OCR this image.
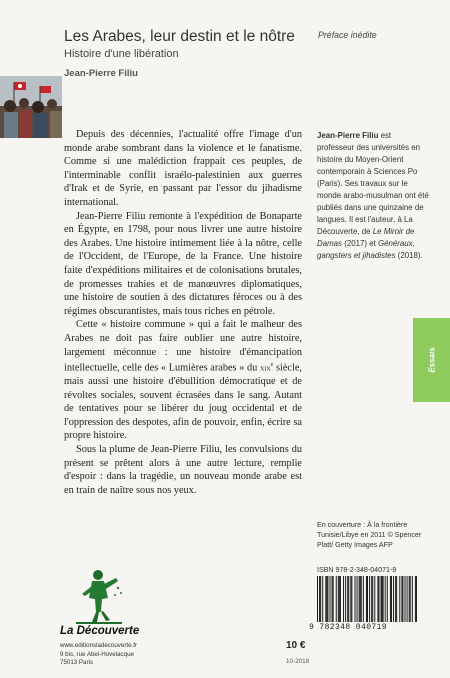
Les Arabes, leur destin et le nôtre
Histoire d'une libération
Préface inédite
Jean-Pierre Filiu

Depuis des décennies, l'actualité offre l'image d'un monde arabe sombrant dans la violence et le fanatisme. Comme si une malédiction frappait ces peuples, de l'interminable conflit israélo-palestinien aux guerres d'Irak et de Syrie, en passant par l'essor du jihadisme international.

Jean-Pierre Filiu remonte à l'expédition de Bonaparte en Égypte, en 1798, pour nous livrer une autre histoire des Arabes. Une histoire intimement liée à la nôtre, celle de l'Occident, de l'Europe, de la France. Une histoire faite d'expéditions militaires et de colonisations brutales, de promesses trahies et de manœuvres diplomatiques, une histoire de soutien à des dictatures féroces ou à des régimes obscurantistes, mais tous riches en pétrole.

Cette « histoire commune » qui a fait le malheur des Arabes ne doit pas faire oublier une autre histoire, largement méconnue : une histoire d'émancipation intellectuelle, celle des « Lumières arabes » du xix$^e$ siècle, mais aussi une histoire d'ébullition démocratique et de révoltes sociales, souvent écrasées dans le sang. Autant de tentatives pour se libérer du joug occidental et de l'oppression des despotes, afin de pouvoir, enfin, écrire sa propre histoire.

Sous la plume de Jean-Pierre Filiu, les convulsions du présent se prêtent alors à une autre lecture, remplie d'espoir : dans la tragédie, un nouveau monde arabe est en train de naître sous nos yeux.

Jean-Pierre Filiu est professeur des universités en histoire du Moyen-Orient contemporain à Sciences Po (Paris). Ses travaux sur le monde arabo-musulman ont été publiés dans une quinzaine de langues. Il est l'auteur, à La Découverte, de Le Miroir de Damas (2017) et Généraux, gangsters et jihadistes (2018).
Essais
En couverture : À la frontière Tunisie/Libye en 2011 © Spencer Platt/ Getty Images AFP
ISBN 978-2-348-04071-9
9 782348 040719
10 €
10-2018
La Découverte
www.editionsladecouverte.fr
9 bis, rue Abel-Hovelacque
75013 Paris
